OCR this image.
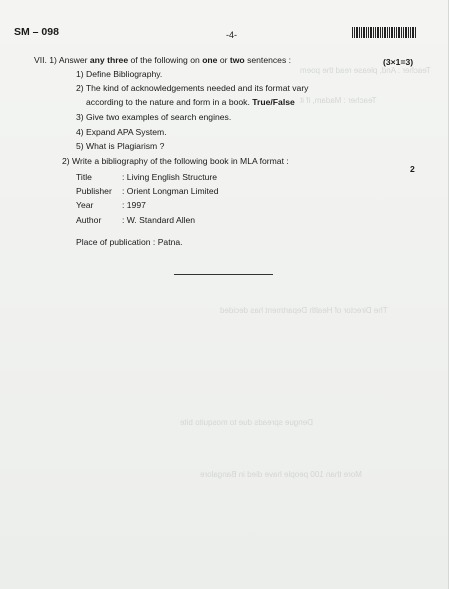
SM – 098	-4-
Teacher : And, please read the poem
Teacher : Madam, if it
The Director of Health Department has decided
Dengue spreads due to mosquito bite
More than 100 people have died in Bangalore
VII. 1) Answer any three of the following on one or two sentences :	(3×1=3)
1) Define Bibliography.
2) The kind of acknowledgements needed and its format vary
according to the nature and form in a book. True/False
3) Give two examples of search engines.
4) Expand APA System.
5) What is Plagiarism ?
2) Write a bibliography of the following book in MLA format :
2
Title	: Living English Structure
Publisher	: Orient Longman Limited
Year	: 1997
Author	: W. Standard Allen
Place of publication : Patna.
